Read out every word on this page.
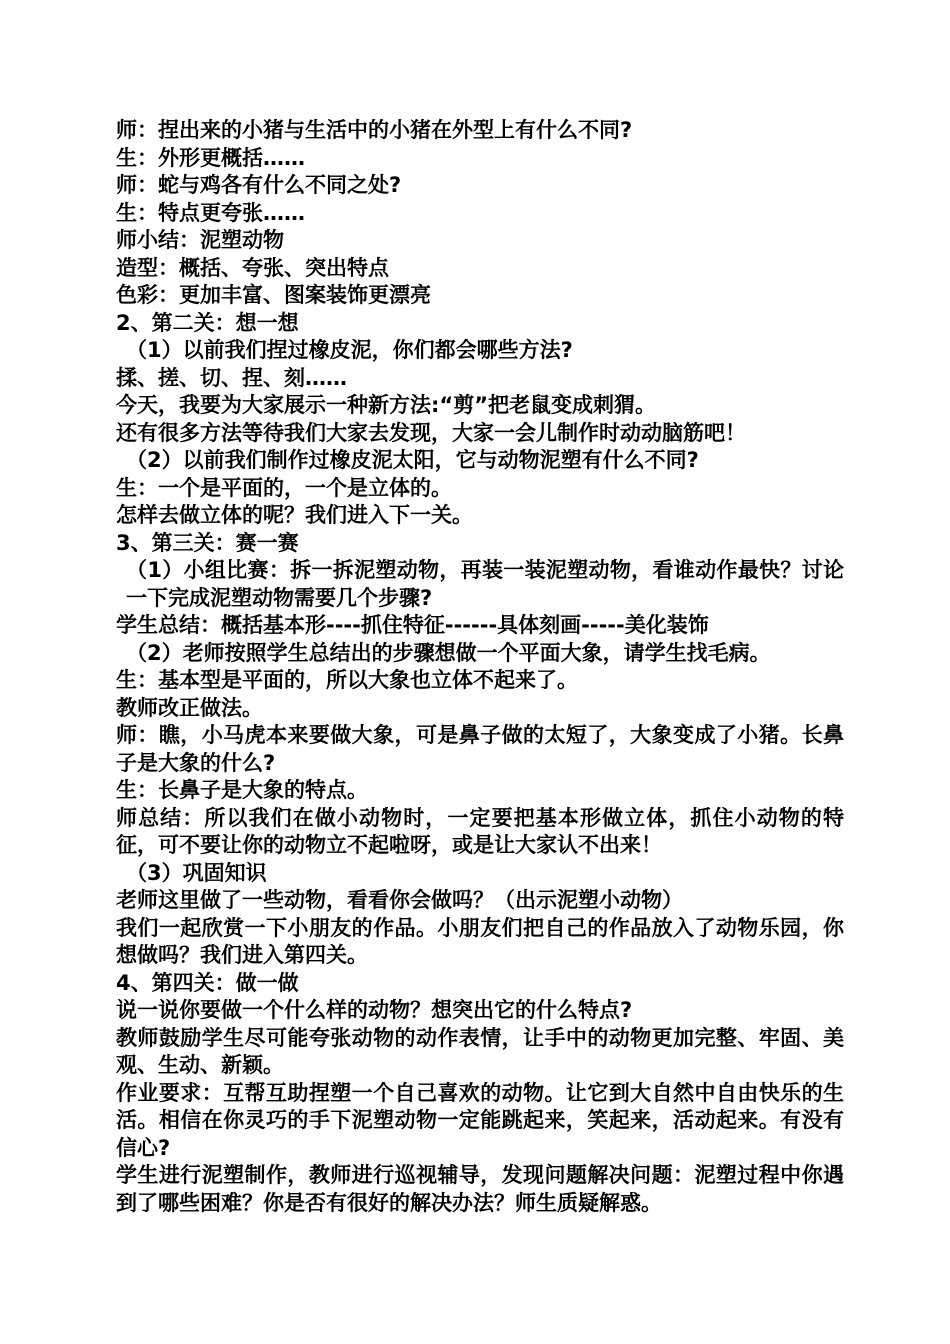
师：捏出来的小猪与生活中的小猪在外型上有什么不同?
生：外形更概括……
师：蛇与鸡各有什么不同之处?
生：特点更夸张……
师小结：泥塑动物
造型：概括、夸张、突出特点
色彩：更加丰富、图案装饰更漂亮
2、第二关：想一想
（1）以前我们捏过橡皮泥，你们都会哪些方法?
揉、搓、切、捏、刻……
今天，我要为大家展示一种新方法:“剪”把老鼠变成刺猬。
还有很多方法等待我们大家去发现，大家一会儿制作时动动脑筋吧！
（2）以前我们制作过橡皮泥太阳，它与动物泥塑有什么不同?
生：一个是平面的，一个是立体的。
怎样去做立体的呢？我们进入下一关。
3、第三关：赛一赛
（1）小组比赛：拆一拆泥塑动物，再装一装泥塑动物，看谁动作最快？讨论一下完成泥塑动物需要几个步骤?
学生总结：概括基本形----抓住特征------具体刻画-----美化装饰
（2）老师按照学生总结出的步骤想做一个平面大象，请学生找毛病。
生：基本型是平面的，所以大象也立体不起来了。
教师改正做法。
师：瞧，小马虎本来要做大象，可是鼻子做的太短了，大象变成了小猪。长鼻子是大象的什么?
生：长鼻子是大象的特点。
师总结：所以我们在做小动物时，一定要把基本形做立体，抓住小动物的特征，可不要让你的动物立不起啦呀，或是让大家认不出来！
（3）巩固知识
老师这里做了一些动物，看看你会做吗？（出示泥塑小动物）
我们一起欣赏一下小朋友的作品。小朋友们把自己的作品放入了动物乐园，你想做吗？我们进入第四关。
4、第四关：做一做
说一说你要做一个什么样的动物？想突出它的什么特点?
教师鼓励学生尽可能夸张动物的动作表情，让手中的动物更加完整、牢固、美观、生动、新颖。
作业要求：互帮互助捏塑一个自己喜欢的动物。让它到大自然中自由快乐的生活。相信在你灵巧的手下泥塑动物一定能跳起来，笑起来，活动起来。有没有信心?
学生进行泥塑制作，教师进行巡视辅导，发现问题解决问题：泥塑过程中你遇到了哪些困难？你是否有很好的解决办法？师生质疑解惑。
